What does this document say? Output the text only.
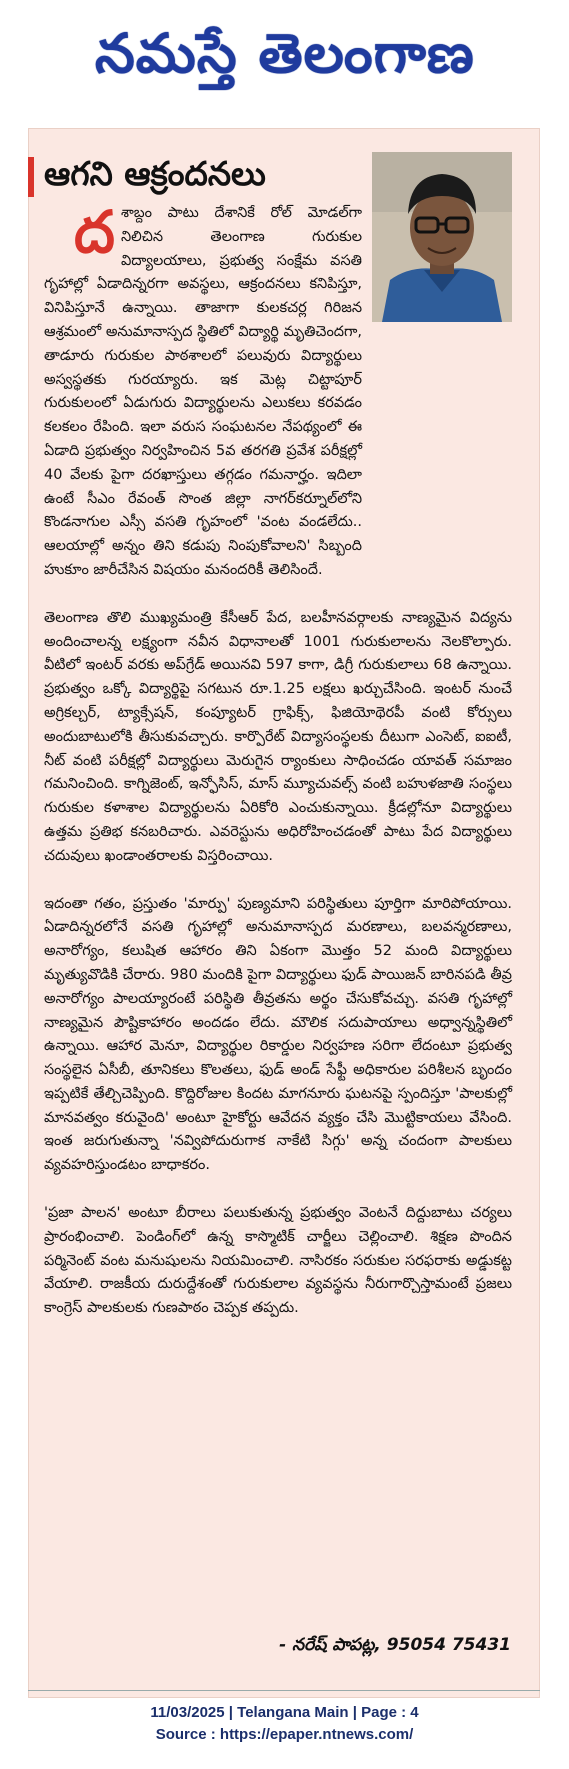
నమస్తే తెలంగాణ
ఆగని ఆక్రందనలు

దశాబ్దం పాటు దేశానికే రోల్ మోడల్‌గా నిలిచిన తెలంగాణ గురుకుల విద్యాలయాలు, ప్రభుత్వ సంక్షేమ వసతి గృహాల్లో ఏడాదిన్నరగా అవస్థలు, ఆక్రందనలు కనిపిస్తూ, వినిపిస్తూనే ఉన్నాయి. తాజాగా కులకచర్ల గిరిజన ఆశ్రమంలో అనుమానాస్పద స్థితిలో విద్యార్థి మృతిచెందగా, తాడూరు గురుకుల పాఠశాలలో పలువురు విద్యార్థులు అస్వస్థతకు గురయ్యారు. ఇక మెట్ల చిట్టాపూర్ గురుకులంలో ఏడుగురు విద్యార్థులను ఎలుకలు కరవడం కలకలం రేపింది. ఇలా వరుస సంఘటనల నేపథ్యంలో ఈ ఏడాది ప్రభుత్వం నిర్వహించిన 5వ తరగతి ప్రవేశ పరీక్షల్లో 40 వేలకు పైగా దరఖాస్తులు తగ్గడం గమనార్హం. ఇదిలా ఉంటే సీఎం రేవంత్ సొంత జిల్లా నాగర్‌కర్నూల్‌లోని కొండనాగుల ఎస్సీ వసతి గృహంలో 'వంట వండలేదు.. ఆలయాల్లో అన్నం తిని కడుపు నింపుకోవాలని' సిబ్బంది హుకూం జారీచేసిన విషయం మనందరికీ తెలిసిందే.

తెలంగాణ తొలి ముఖ్యమంత్రి కేసీఆర్ పేద, బలహీనవర్గాలకు నాణ్యమైన విద్యను అందించాలన్న లక్ష్యంగా నవీన విధానాలతో 1001 గురుకులాలను నెలకొల్పారు. వీటిలో ఇంటర్ వరకు అప్‌గ్రేడ్ అయినవి 597 కాగా, డిగ్రీ గురుకులాలు 68 ఉన్నాయి. ప్రభుత్వం ఒక్కో విద్యార్థిపై సగటున రూ.1.25 లక్షలు ఖర్చుచేసింది. ఇంటర్ నుంచే అగ్రికల్చర్, ట్యాక్సేషన్, కంప్యూటర్ గ్రాఫిక్స్, ఫిజియోథెరపీ వంటి కోర్సులు అందుబాటులోకి తీసుకువచ్చారు. కార్పొరేట్ విద్యాసంస్థలకు దీటుగా ఎంసెట్, ఐఐటీ, నీట్ వంటి పరీక్షల్లో విద్యార్థులు మెరుగైన ర్యాంకులు సాధించడం యావత్ సమాజం గమనించింది. కాగ్నిజెంట్, ఇన్ఫోసిస్, మాస్ మ్యూచువల్స్ వంటి బహుళజాతి సంస్థలు గురుకుల కళాశాల విద్యార్థులను ఏరికోరి ఎంచుకున్నాయి. క్రీడల్లోనూ విద్యార్థులు ఉత్తమ ప్రతిభ కనబరిచారు. ఎవరెస్టును అధిరోహించడంతో పాటు పేద విద్యార్థులు చదువులు ఖండాంతరాలకు విస్తరించాయి.

ఇదంతా గతం, ప్రస్తుతం 'మార్పు' పుణ్యమాని పరిస్థితులు పూర్తిగా మారిపోయాయి. ఏడాదిన్నరలోనే వసతి గృహాల్లో అనుమానాస్పద మరణాలు, బలవన్మరణాలు, అనారోగ్యం, కలుషిత ఆహారం తిని ఏకంగా మొత్తం 52 మంది విద్యార్థులు మృత్యువొడికి చేరారు. 980 మందికి పైగా విద్యార్థులు ఫుడ్ పాయిజన్ బారినపడి తీవ్ర అనారోగ్యం పాలయ్యారంటే పరిస్థితి తీవ్రతను అర్థం చేసుకోవచ్చు. వసతి గృహాల్లో నాణ్యమైన పౌష్టికాహారం అందడం లేదు. మౌలిక సదుపాయాలు అధ్వాన్నస్థితిలో ఉన్నాయి. ఆహార మెనూ, విద్యార్థుల రికార్డుల నిర్వహణ సరిగా లేదంటూ ప్రభుత్వ సంస్థలైన ఏసీబీ, తూనికలు కొలతలు, ఫుడ్ అండ్ సేఫ్టీ అధికారుల పరిశీలన బృందం ఇప్పటికే తేల్చిచెప్పింది. కొద్దిరోజుల కిందట మాగనూరు ఘటనపై స్పందిస్తూ 'పాలకుల్లో మానవత్వం కరువైంది' అంటూ హైకోర్టు ఆవేదన వ్యక్తం చేసి మొట్టికాయలు వేసింది. ఇంత జరుగుతున్నా 'నవ్విపోదురుగాక నాకేటి సిగ్గు' అన్న చందంగా పాలకులు వ్యవహరిస్తుండటం బాధాకరం.

'ప్రజా పాలన' అంటూ బీరాలు పలుకుతున్న ప్రభుత్వం వెంటనే దిద్దుబాటు చర్యలు ప్రారంభించాలి. పెండింగ్‌లో ఉన్న కాస్మొటిక్ చార్జీలు చెల్లించాలి. శిక్షణ పొందిన పర్మినెంట్ వంట మనుషులను నియమించాలి. నాసిరకం సరుకుల సరఫరాకు అడ్డుకట్ట వేయాలి. రాజకీయ దురుద్దేశంతో గురుకులాల వ్యవస్థను నీరుగార్చొస్తామంటే ప్రజలు కాంగ్రెస్ పాలకులకు గుణపాఠం చెప్పక తప్పదు.

- నరేష్ పాపట్ల, 95054 75431
11/03/2025 | Telangana Main | Page : 4
Source : https://epaper.ntnews.com/
